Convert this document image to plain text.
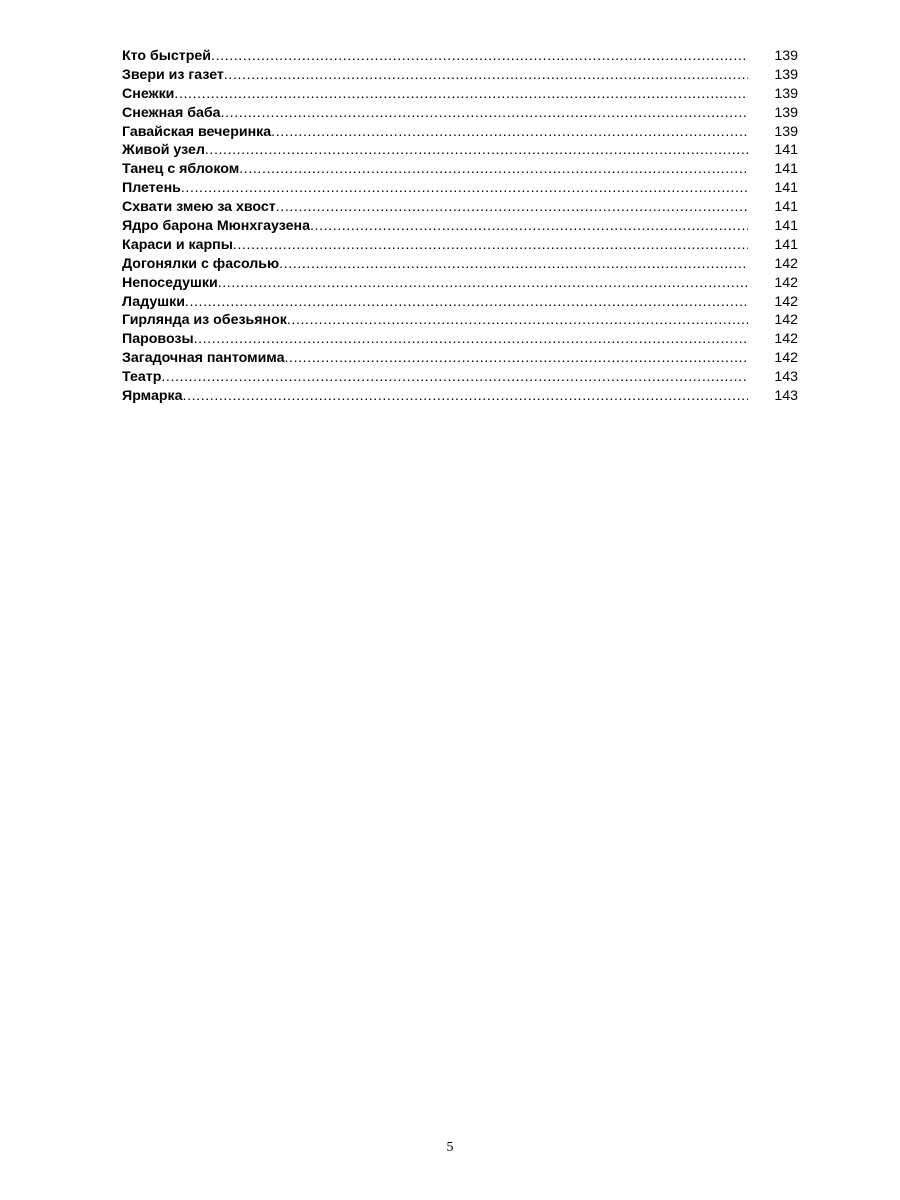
Кто быстрей .....	139
Звери из газет .....	139
Снежки .....	139
Снежная баба .....	139
Гавайская вечеринка .....	139
Живой узел .....	141
Танец с яблоком .....	141
Плетень .....	141
Схвати змею за хвост .....	141
Ядро барона Мюнхгаузена .....	141
Караси и карпы .....	141
Догонялки с фасолью .....	142
Непоседушки .....	142
Ладушки .....	142
Гирлянда из обезьянок .....	142
Паровозы .....	142
Загадочная пантомима .....	142
Театр .....	143
Ярмарка .....	143
5
